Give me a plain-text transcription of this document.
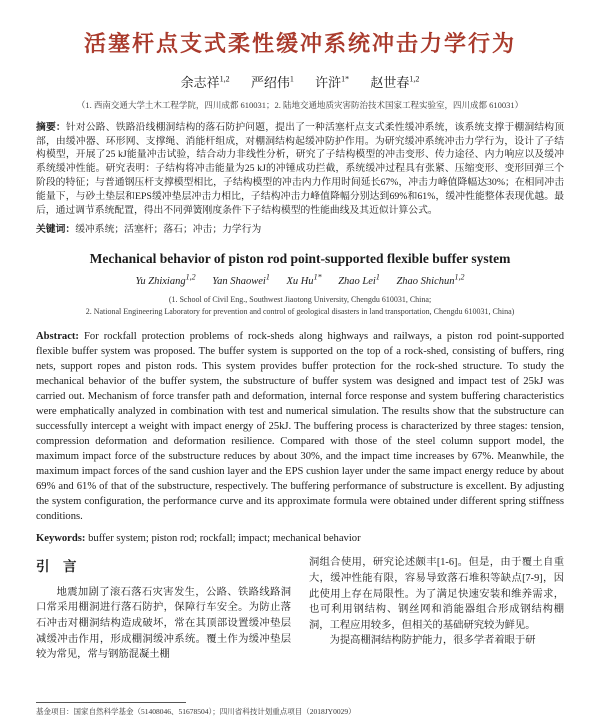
活塞杆点支式柔性缓冲系统冲击力学行为
余志祥$^{1,2}$ 严绍伟$^1$ 许浒$^{1*}$ 赵世春$^{1,2}$
（1. 西南交通大学土木工程学院，四川成都 610031；2. 陆地交通地质灾害防治技术国家工程实验室，四川成都 610031）

摘要：针对公路、铁路沿线棚洞结构的落石防护问题，提出了一种活塞杆点支式柔性缓冲系统，该系统支撑于棚洞结构顶部，由缓冲器、环形网、支撑绳、消能杆组成，对棚洞结构起缓冲防护作用。为研究缓冲系统冲击力学行为，设计了子结构模型，开展了25 kJ能量冲击试验，结合动力非线性分析，研究了子结构模型的冲击变形、传力途径、内力响应以及缓冲系统缓冲性能。研究表明：子结构将冲击能量为25 kJ的冲锤成功拦截，系统缓冲过程具有张紧、压缩变形、变形回弹三个阶段的特征；与普通钢压杆支撑模型相比，子结构模型的冲击内力作用时间延长67%，冲击力峰值降幅达30%；在相同冲击能量下，与砂土垫层和EPS缓冲垫层冲击力相比，子结构冲击力峰值降幅分别达到69%和61%，缓冲性能整体表现优越。最后，通过调节系统配置，得出不同弹簧刚度条件下子结构模型的性能曲线及其近似计算公式。

关键词：缓冲系统；活塞杆；落石；冲击；力学行为

Mechanical behavior of piston rod point-supported flexible buffer system
Yu Zhixiang$^{1,2}$ Yan Shaowei$^1$ Xu $Hu^{1*}$ Zhao Lei$^1$ Zhao Shichun$^{1,2}$
(1. School of Civil Eng., Southwest Jiaotong University, Chengdu 610031, China;
2. National Engineering Laboratory for prevention and control of geological disasters in land transportation, Chengdu 610031, China)

Abstract: For rockfall protection problems of rock-sheds along highways and railways, a piston rod point-supported flexible buffer system was proposed. The buffer system is supported on the top of a rock-shed, consisting of buffers, ring nets, support ropes and piston rods. This system provides buffer protection for the rock-shed structure. To study the mechanical behavior of the buffer system, the substructure of buffer system was designed and impact test of 25kJ was carried out. Mechanism of force transfer path and deformation, internal force response and system buffering characteristics were emphatically analyzed in combination with test and numerical simulation. The results show that the substructure can successfully intercept a weight with impact energy of 25kJ. The buffering process is characterized by three stages: tension, compression deformation and deformation resilience. Compared with those of the steel column support model, the maximum impact force of the substructure reduces by about 30%, and the impact time increases by 67%. Meanwhile, the maximum impact forces of the sand cushion layer and the EPS cushion layer under the same impact energy reduce by about 69% and 61% of that of the substructure, respectively. The buffering performance of substructure is excellent. By adjusting the system configuration, the performance curve and its approximate formula were obtained under different spring stiffness conditions.

Keywords: buffer system; piston rod; rockfall; impact; mechanical behavior

引　言

地震加剧了滚石落石灾害发生，公路、铁路线路洞口常采用棚洞进行落石防护，保障行车安全。为防止落石冲击对棚洞结构造成破坏，常在其顶部设置缓冲垫层减缓冲击作用，形成棚洞缓冲系统。覆土作为缓冲垫层较为常见，常与钢筋混凝土棚

洞组合使用，研究论述颇丰[1-6]。但是，由于覆土自重大，缓冲性能有限，容易导致落石堆积等缺点[7-9]，因此使用上存在局限性。为了满足快速安装和维养需求，也可利用钢结构、钢丝网和消能器组合形成钢结构棚洞，工程应用较多，但相关的基础研究较为鲜见。

为提高棚洞结构防护能力，很多学者着眼于研

基金项目：国家自然科学基金（51408046、51678504）；四川省科技计划重点项目（2018JY0029）
